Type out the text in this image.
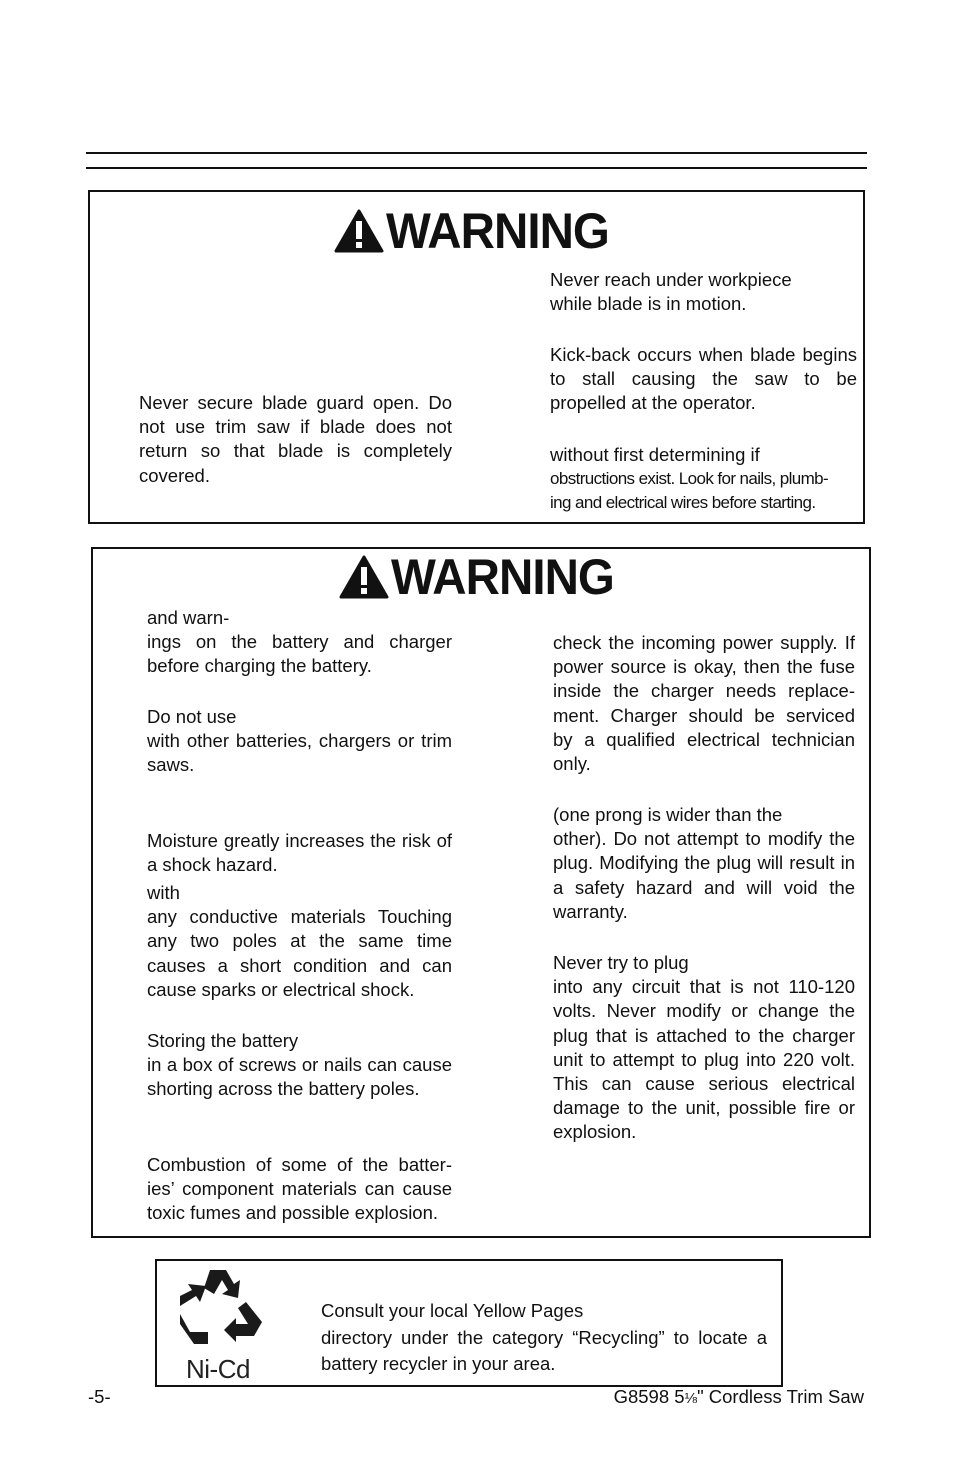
WARNING
Never reach under workpiece
while blade is in motion.
Kick-back occurs when blade begins to stall causing the saw to be propelled at the operator.
without first determining if
obstructions exist. Look for nails, plumb-
ing and electrical wires before starting.
Never secure blade guard open. Do not use trim saw if blade does not return so that blade is completely covered.
WARNING
and warn-
ings on the battery and charger before charging the battery.
Do not use
with other batteries, chargers or trim saws.
Moisture greatly increases the risk of a shock hazard.
with
any conductive materials Touching any two poles at the same time causes a short condition and can cause sparks or electrical shock.
Storing the battery
in a box of screws or nails can cause shorting across the battery poles.
Combustion of some of the batter-ies’ component materials can cause toxic fumes and possible explosion.
check the incoming power supply. If power source is okay, then the fuse inside the charger needs replace-ment. Charger should be serviced by a qualified electrical technician only.
(one prong is wider than the
other). Do not attempt to modify the plug. Modifying the plug will result in a safety hazard and will void the warranty.
Never try to plug
into any circuit that is not 110-120 volts. Never modify or change the plug that is attached to the charger unit to attempt to plug into 220 volt. This can cause serious electrical damage to the unit, possible fire or explosion.
Ni-Cd
Consult your local Yellow Pages
directory under the category “Recycling” to locate a
battery recycler in your area.
-5-	G8598 5⅛" Cordless Trim Saw
